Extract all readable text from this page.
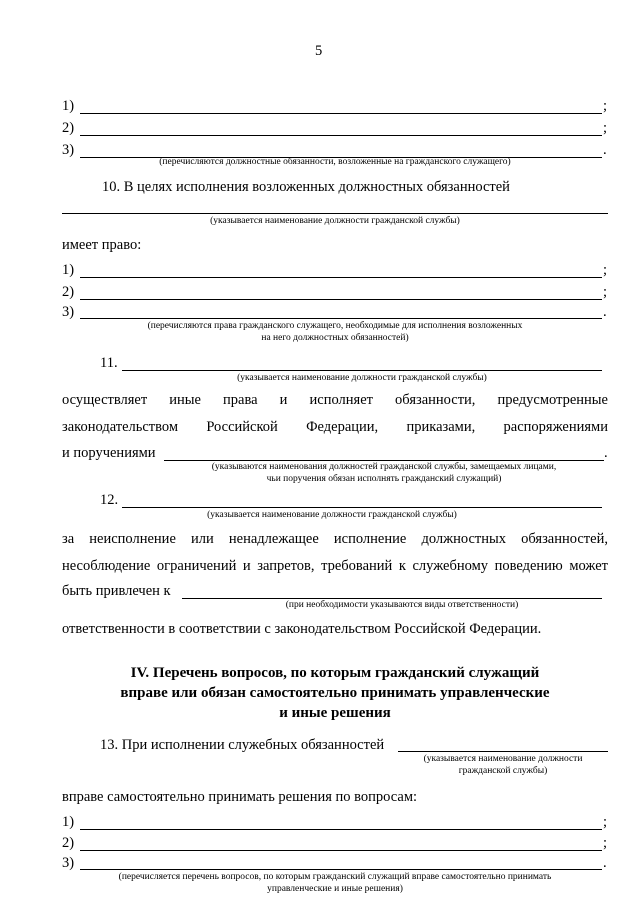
5
1)	;
2)	;
3)	.
(перечисляются должностные обязанности, возложенные на гражданского служащего)
10. В целях исполнения возложенных должностных обязанностей
(указывается наименование должности гражданской службы)
имеет право:
1)	;
2)	;
3)	.
(перечисляются права гражданского служащего, необходимые для исполнения возложенных
на него должностных обязанностей)
11.
(указывается наименование должности гражданской службы)
осуществляет иные права и исполняет обязанности, предусмотренные
законодательством Российской Федерации, приказами, распоряжениями
и поручениями	.
(указываются наименования должностей гражданской службы, замещаемых лицами,
чьи поручения обязан исполнять гражданский служащий)
12.
(указывается наименование должности гражданской службы)
за неисполнение или ненадлежащее исполнение должностных обязанностей,
несоблюдение ограничений и запретов, требований к служебному поведению может
быть привлечен к
(при необходимости указываются виды ответственности)
ответственности в соответствии с законодательством Российской Федерации.
IV. Перечень вопросов, по которым гражданский служащий
вправе или обязан самостоятельно принимать управленческие
и иные решения
13. При исполнении служебных обязанностей
(указывается наименование должности
гражданской службы)
вправе самостоятельно принимать решения по вопросам:
1)	;
2)	;
3)	.
(перечисляется перечень вопросов, по которым гражданский служащий вправе самостоятельно принимать
управленческие и иные решения)
